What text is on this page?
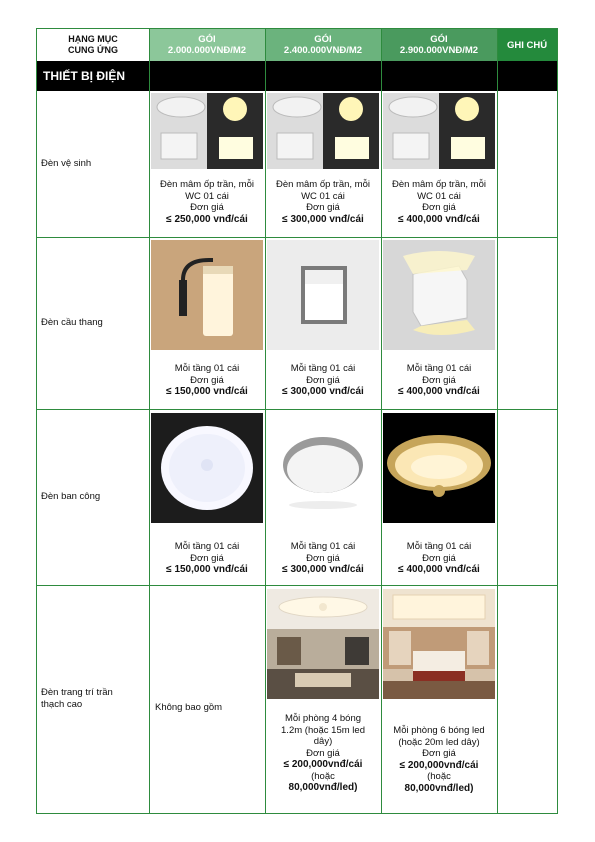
HẠNG MỤC
CUNG ỨNG
GÓI
2.000.000VNĐ/M2
GÓI
2.400.000VNĐ/M2
GÓI
2.900.000VNĐ/M2	GHI CHÚ
THIẾT BỊ ĐIỆN
Đèn vệ sinh
Đèn mâm ốp trần, mỗi
WC 01 cái
Đơn giá
≤ 250,000 vnđ/cái
Đèn mâm ốp trần, mỗi
WC 01 cái
Đơn giá
≤ 300,000 vnđ/cái
Đèn mâm ốp trần, mỗi
WC 01 cái
Đơn giá
≤ 400,000 vnđ/cái
Đèn cầu thang
Mỗi tầng 01 cái
Đơn giá
≤ 150,000 vnđ/cái
Mỗi tầng 01 cái
Đơn giá
≤ 300,000 vnđ/cái
Mỗi tầng 01 cái
Đơn giá
≤ 400,000 vnđ/cái
Đèn ban công
Mỗi tầng 01 cái
Đơn giá
≤ 150,000 vnđ/cái
Mỗi tầng 01 cái
Đơn giá
≤ 300,000 vnđ/cái
Mỗi tầng 01 cái
Đơn giá
≤ 400,000 vnđ/cái
Đèn trang trí trần
thạch cao	Không bao gồm
Mỗi phòng 4 bóng
1.2m (hoặc 15m led
dây)
Đơn giá
≤ 200,000vnđ/cái
(hoặc
80,000vnđ/led)
Mỗi phòng 6 bóng led
(hoặc 20m led dây)
Đơn giá
≤ 200,000vnđ/cái
(hoặc
80,000vnđ/led)
